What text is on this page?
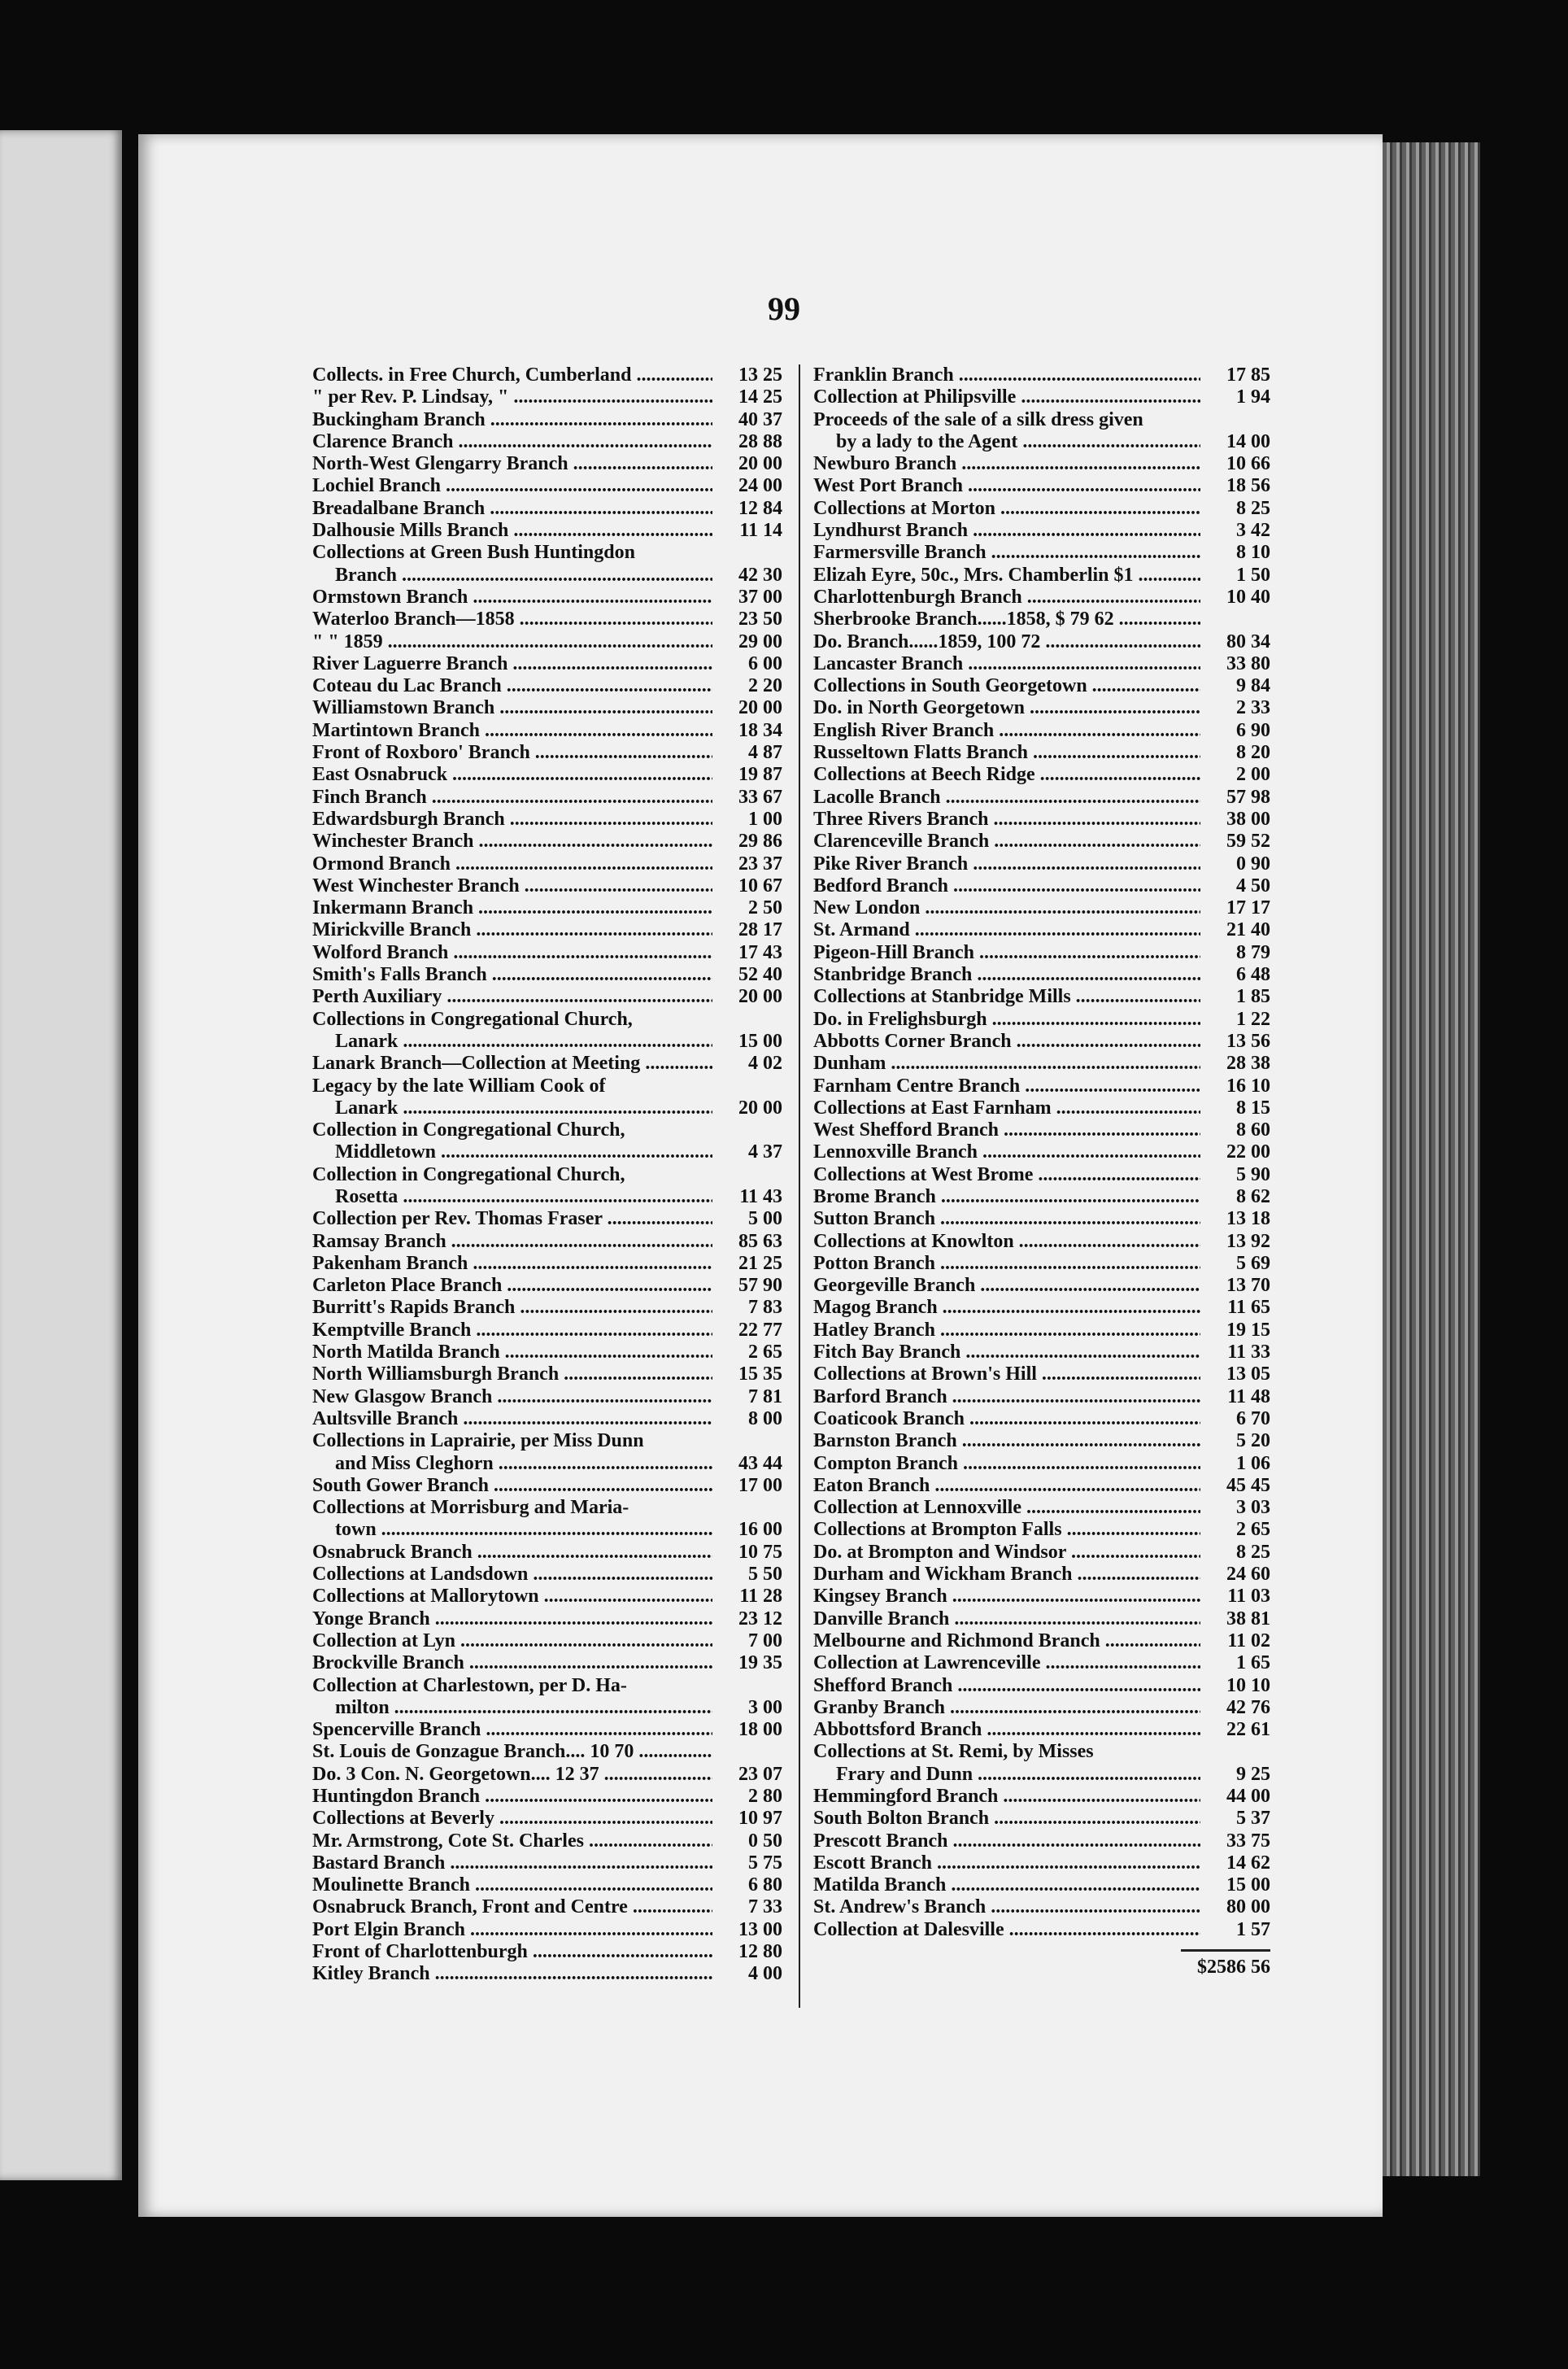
99
Collects. in Free Church, Cumberland .....	13 25
" per Rev. P. Lindsay, " .....	14 25
Buckingham Branch .....	40 37
Clarence Branch .....	28 88
North-West Glengarry Branch .....	20 00
Lochiel Branch .....	24 00
Breadalbane Branch .....	12 84
Dalhousie Mills Branch .....	11 14
Collections at Green Bush Huntingdon
Branch .....	42 30
Ormstown Branch .....	37 00
Waterloo Branch—1858 .....	23 50
" " 1859 .....	29 00
River Laguerre Branch .....	6 00
Coteau du Lac Branch .....	2 20
Williamstown Branch .....	20 00
Martintown Branch .....	18 34
Front of Roxboro' Branch .....	4 87
East Osnabruck .....	19 87
Finch Branch .....	33 67
Edwardsburgh Branch .....	1 00
Winchester Branch .....	29 86
Ormond Branch .....	23 37
West Winchester Branch .....	10 67
Inkermann Branch .....	2 50
Mirickville Branch .....	28 17
Wolford Branch .....	17 43
Smith's Falls Branch .....	52 40
Perth Auxiliary .....	20 00
Collections in Congregational Church,
Lanark .....	15 00
Lanark Branch—Collection at Meeting .....	4 02
Legacy by the late William Cook of
Lanark .....	20 00
Collection in Congregational Church,
Middletown .....	4 37
Collection in Congregational Church,
Rosetta .....	11 43
Collection per Rev. Thomas Fraser .....	5 00
Ramsay Branch .....	85 63
Pakenham Branch .....	21 25
Carleton Place Branch .....	57 90
Burritt's Rapids Branch .....	7 83
Kemptville Branch .....	22 77
North Matilda Branch .....	2 65
North Williamsburgh Branch .....	15 35
New Glasgow Branch .....	7 81
Aultsville Branch .....	8 00
Collections in Laprairie, per Miss Dunn
and Miss Cleghorn .....	43 44
South Gower Branch .....	17 00
Collections at Morrisburg and Maria-
town .....	16 00
Osnabruck Branch .....	10 75
Collections at Landsdown .....	5 50
Collections at Mallorytown .....	11 28
Yonge Branch .....	23 12
Collection at Lyn .....	7 00
Brockville Branch .....	19 35
Collection at Charlestown, per D. Ha-
milton .....	3 00
Spencerville Branch .....	18 00
St. Louis de Gonzague Branch.... 10 70 .....
Do. 3 Con. N. Georgetown.... 12 37 .....	23 07
Huntingdon Branch .....	2 80
Collections at Beverly .....	10 97
Mr. Armstrong, Cote St. Charles .....	0 50
Bastard Branch .....	5 75
Moulinette Branch .....	6 80
Osnabruck Branch, Front and Centre .....	7 33
Port Elgin Branch .....	13 00
Front of Charlottenburgh .....	12 80
Kitley Branch .....	4 00
Franklin Branch .....	17 85
Collection at Philipsville .....	1 94
Proceeds of the sale of a silk dress given
by a lady to the Agent .....	14 00
Newburo Branch .....	10 66
West Port Branch .....	18 56
Collections at Morton .....	8 25
Lyndhurst Branch .....	3 42
Farmersville Branch .....	8 10
Elizah Eyre, 50c., Mrs. Chamberlin $1 .....	1 50
Charlottenburgh Branch .....	10 40
Sherbrooke Branch......1858, $ 79 62 .....
Do. Branch......1859, 100 72 .....	80 34
Lancaster Branch .....	33 80
Collections in South Georgetown .....	9 84
Do. in North Georgetown .....	2 33
English River Branch .....	6 90
Russeltown Flatts Branch .....	8 20
Collections at Beech Ridge .....	2 00
Lacolle Branch .....	57 98
Three Rivers Branch .....	38 00
Clarenceville Branch .....	59 52
Pike River Branch .....	0 90
Bedford Branch .....	4 50
New London .....	17 17
St. Armand .....	21 40
Pigeon-Hill Branch .....	8 79
Stanbridge Branch .....	6 48
Collections at Stanbridge Mills .....	1 85
Do. in Frelighsburgh .....	1 22
Abbotts Corner Branch .....	13 56
Dunham .....	28 38
Farnham Centre Branch .....	16 10
Collections at East Farnham .....	8 15
West Shefford Branch .....	8 60
Lennoxville Branch .....	22 00
Collections at West Brome .....	5 90
Brome Branch .....	8 62
Sutton Branch .....	13 18
Collections at Knowlton .....	13 92
Potton Branch .....	5 69
Georgeville Branch .....	13 70
Magog Branch .....	11 65
Hatley Branch .....	19 15
Fitch Bay Branch .....	11 33
Collections at Brown's Hill .....	13 05
Barford Branch .....	11 48
Coaticook Branch .....	6 70
Barnston Branch .....	5 20
Compton Branch .....	1 06
Eaton Branch .....	45 45
Collection at Lennoxville .....	3 03
Collections at Brompton Falls .....	2 65
Do. at Brompton and Windsor .....	8 25
Durham and Wickham Branch .....	24 60
Kingsey Branch .....	11 03
Danville Branch .....	38 81
Melbourne and Richmond Branch .....	11 02
Collection at Lawrenceville .....	1 65
Shefford Branch .....	10 10
Granby Branch .....	42 76
Abbottsford Branch .....	22 61
Collections at St. Remi, by Misses
Frary and Dunn .....	9 25
Hemmingford Branch .....	44 00
South Bolton Branch .....	5 37
Prescott Branch .....	33 75
Escott Branch .....	14 62
Matilda Branch .....	15 00
St. Andrew's Branch .....	80 00
Collection at Dalesville .....	1 57
$2586 56
